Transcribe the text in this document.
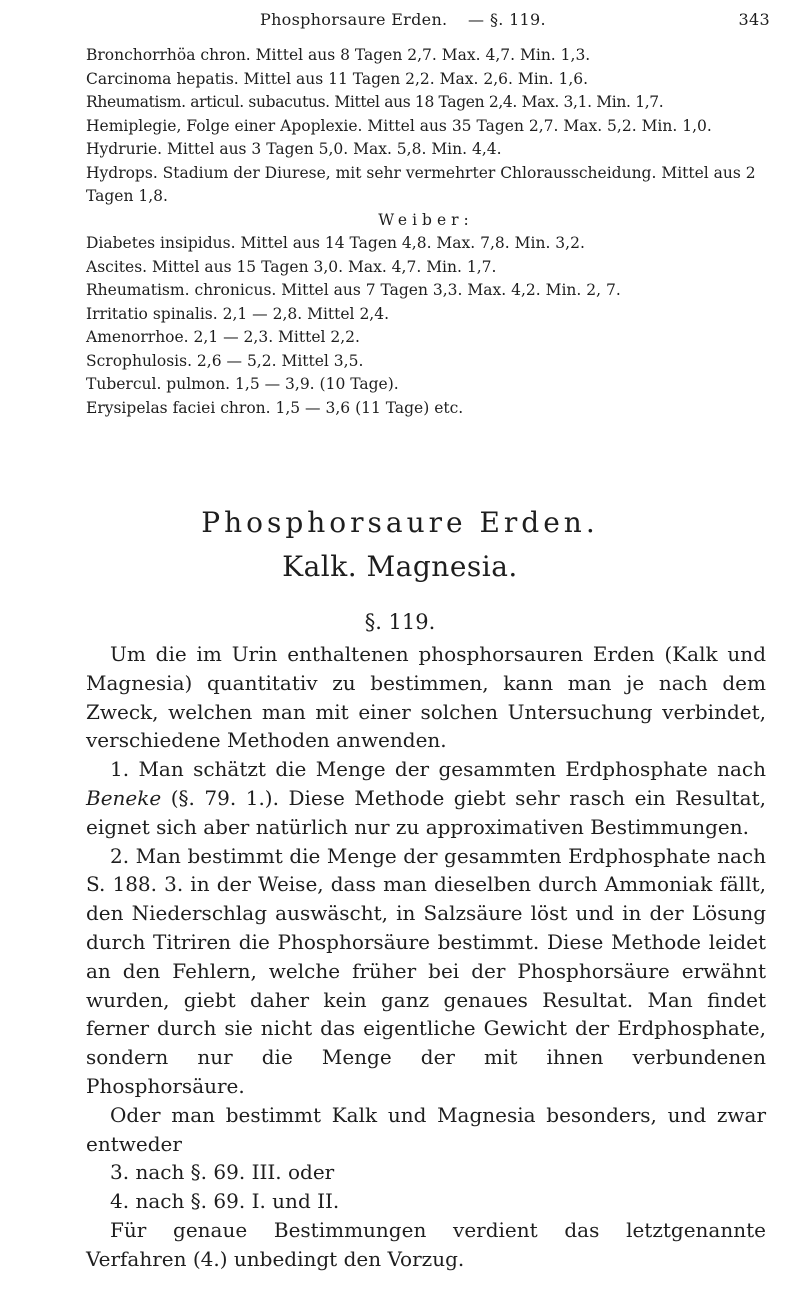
Phosphorsaure Erden. — §. 119.	343

Bronchorrhöa chron. Mittel aus 8 Tagen 2,7. Max. 4,7. Min. 1,3.

Carcinoma hepatis. Mittel aus 11 Tagen 2,2. Max. 2,6. Min. 1,6.

Rheumatism. articul. subacutus. Mittel aus 18 Tagen 2,4. Max. 3,1. Min. 1,7.

Hemiplegie, Folge einer Apoplexie. Mittel aus 35 Tagen 2,7. Max. 5,2. Min. 1,0.

Hydrurie. Mittel aus 3 Tagen 5,0. Max. 5,8. Min. 4,4.

Hydrops. Stadium der Diurese, mit sehr vermehrter Chlorausscheidung. Mittel aus 2 Tagen 1,8.

Weiber:

Diabetes insipidus. Mittel aus 14 Tagen 4,8. Max. 7,8. Min. 3,2.

Ascites. Mittel aus 15 Tagen 3,0. Max. 4,7. Min. 1,7.

Rheumatism. chronicus. Mittel aus 7 Tagen 3,3. Max. 4,2. Min. 2, 7.

Irritatio spinalis. 2,1 — 2,8. Mittel 2,4.

Amenorrhoe. 2,1 — 2,3. Mittel 2,2.

Scrophulosis. 2,6 — 5,2. Mittel 3,5.

Tubercul. pulmon. 1,5 — 3,9. (10 Tage).

Erysipelas faciei chron. 1,5 — 3,6 (11 Tage) etc.

Phosphorsaure Erden.
Kalk. Magnesia.
§. 119.

Um die im Urin enthaltenen phosphorsauren Erden (Kalk und Magnesia) quantitativ zu bestimmen, kann man je nach dem Zweck, welchen man mit einer solchen Untersuchung verbindet, verschiedene Methoden anwenden.

1. Man schätzt die Menge der gesammten Erdphosphate nach Beneke (§. 79. 1.). Diese Methode giebt sehr rasch ein Resultat, eignet sich aber natürlich nur zu approximativen Bestimmungen.

2. Man bestimmt die Menge der gesammten Erdphosphate nach S. 188. 3. in der Weise, dass man dieselben durch Ammoniak fällt, den Niederschlag auswäscht, in Salzsäure löst und in der Lösung durch Titriren die Phosphorsäure bestimmt. Diese Methode leidet an den Fehlern, welche früher bei der Phosphorsäure erwähnt wurden, giebt daher kein ganz genaues Resultat. Man findet ferner durch sie nicht das eigentliche Gewicht der Erdphosphate, sondern nur die Menge der mit ihnen verbundenen Phosphorsäure.

Oder man bestimmt Kalk und Magnesia besonders, und zwar entweder

3. nach §. 69. III. oder

4. nach §. 69. I. und II.

Für genaue Bestimmungen verdient das letztgenannte Verfahren (4.) unbedingt den Vorzug.
